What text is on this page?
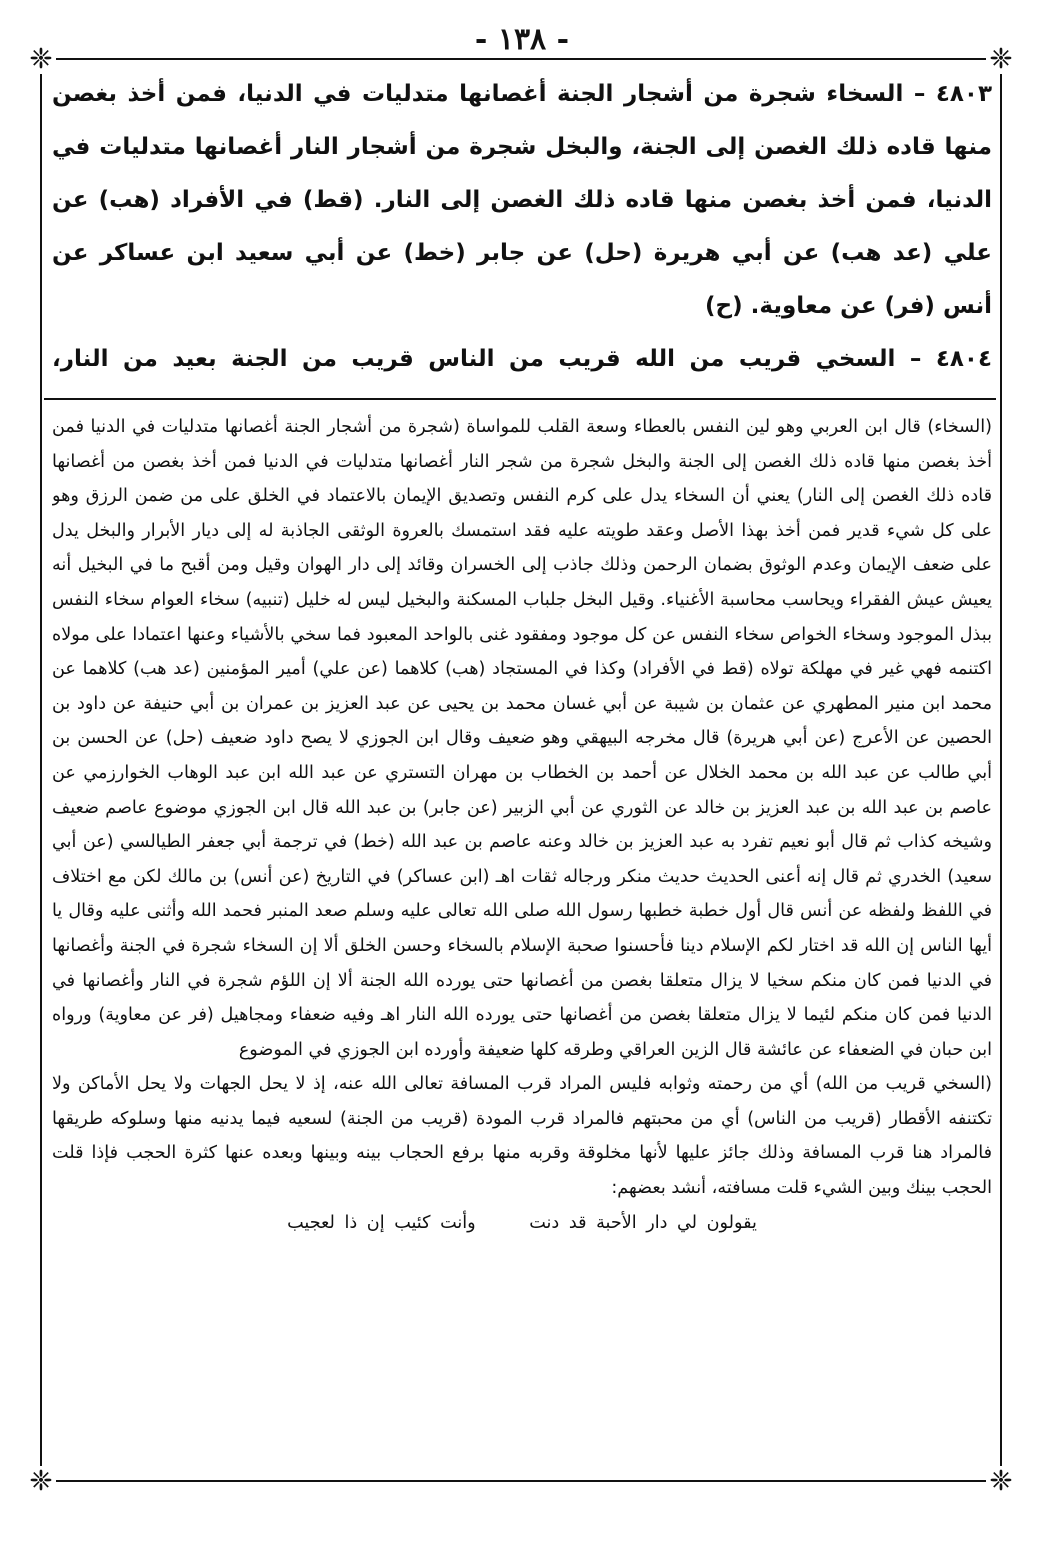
- ١٣٨ -
❈	❈
❈	❈

٤٨٠٣ – السخاء شجرة من أشجار الجنة أغصانها متدليات في الدنيا، فمن أخذ بغصن منها قاده ذلك الغصن إلى الجنة، والبخل شجرة من أشجار النار أغصانها متدليات في الدنيا، فمن أخذ بغصن منها قاده ذلك الغصن إلى النار. (قط) في الأفراد (هب) عن علي (عد هب) عن أبي هريرة (حل) عن جابر (خط) عن أبي سعيد ابن عساكر عن أنس (فر) عن معاوية. (ح)

٤٨٠٤ – السخي قريب من الله قريب من الناس قريب من الجنة بعيد من النار،

(السخاء) قال ابن العربي وهو لين النفس بالعطاء وسعة القلب للمواساة (شجرة من أشجار الجنة أغصانها متدليات في الدنيا فمن أخذ بغصن منها قاده ذلك الغصن إلى الجنة والبخل شجرة من شجر النار أغصانها متدليات في الدنيا فمن أخذ بغصن من أغصانها قاده ذلك الغصن إلى النار) يعني أن السخاء يدل على كرم النفس وتصديق الإيمان بالاعتماد في الخلق على من ضمن الرزق وهو على كل شيء قدير فمن أخذ بهذا الأصل وعقد طويته عليه فقد استمسك بالعروة الوثقى الجاذبة له إلى ديار الأبرار والبخل يدل على ضعف الإيمان وعدم الوثوق بضمان الرحمن وذلك جاذب إلى الخسران وقائد إلى دار الهوان وقيل ومن أقبح ما في البخيل أنه يعيش عيش الفقراء ويحاسب محاسبة الأغنياء. وقيل البخل جلباب المسكنة والبخيل ليس له خليل (تنبيه) سخاء العوام سخاء النفس ببذل الموجود وسخاء الخواص سخاء النفس عن كل موجود ومفقود غنى بالواحد المعبود فما سخي بالأشياء وعنها اعتمادا على مولاه اكتنمه فهي غير في مهلكة تولاه (قط في الأفراد) وكذا في المستجاد (هب) كلاهما (عن علي) أمير المؤمنين (عد هب) كلاهما عن محمد ابن منير المطهري عن عثمان بن شيبة عن أبي غسان محمد بن يحيى عن عبد العزيز بن عمران بن أبي حنيفة عن داود بن الحصين عن الأعرج (عن أبي هريرة) قال مخرجه البيهقي وهو ضعيف وقال ابن الجوزي لا يصح داود ضعيف (حل) عن الحسن بن أبي طالب عن عبد الله بن محمد الخلال عن أحمد بن الخطاب بن مهران التستري عن عبد الله ابن عبد الوهاب الخوارزمي عن عاصم بن عبد الله بن عبد العزيز بن خالد عن الثوري عن أبي الزبير (عن جابر) بن عبد الله قال ابن الجوزي موضوع عاصم ضعيف وشيخه كذاب ثم قال أبو نعيم تفرد به عبد العزيز بن خالد وعنه عاصم بن عبد الله (خط) في ترجمة أبي جعفر الطيالسي (عن أبي سعيد) الخدري ثم قال إنه أعنى الحديث حديث منكر ورجاله ثقات اهـ (ابن عساكر) في التاريخ (عن أنس) بن مالك لكن مع اختلاف في اللفظ ولفظه عن أنس قال أول خطبة خطبها رسول الله صلى الله تعالى عليه وسلم صعد المنبر فحمد الله وأثنى عليه وقال يا أيها الناس إن الله قد اختار لكم الإسلام دينا فأحسنوا صحبة الإسلام بالسخاء وحسن الخلق ألا إن السخاء شجرة في الجنة وأغصانها في الدنيا فمن كان منكم سخيا لا يزال متعلقا بغصن من أغصانها حتى يورده الله الجنة ألا إن اللؤم شجرة في النار وأغصانها في الدنيا فمن كان منكم لئيما لا يزال متعلقا بغصن من أغصانها حتى يورده الله النار اهـ وفيه ضعفاء ومجاهيل (فر عن معاوية) ورواه ابن حبان في الضعفاء عن عائشة قال الزين العراقي وطرقه كلها ضعيفة وأورده ابن الجوزي في الموضوع

(السخي قريب من الله) أي من رحمته وثوابه فليس المراد قرب المسافة تعالى الله عنه، إذ لا يحل الجهات ولا يحل الأماكن ولا تكتنفه الأقطار (قريب من الناس) أي من محبتهم فالمراد قرب المودة (قريب من الجنة) لسعيه فيما يدنيه منها وسلوكه طريقها فالمراد هنا قرب المسافة وذلك جائز عليها لأنها مخلوقة وقربه منها برفع الحجاب بينه وبينها وبعده عنها كثرة الحجب فإذا قلت الحجب بينك وبين الشيء قلت مسافته، أنشد بعضهم:

يقولون لي دار الأحبة قد دنت وأنت كئيب إن ذا لعجيب
